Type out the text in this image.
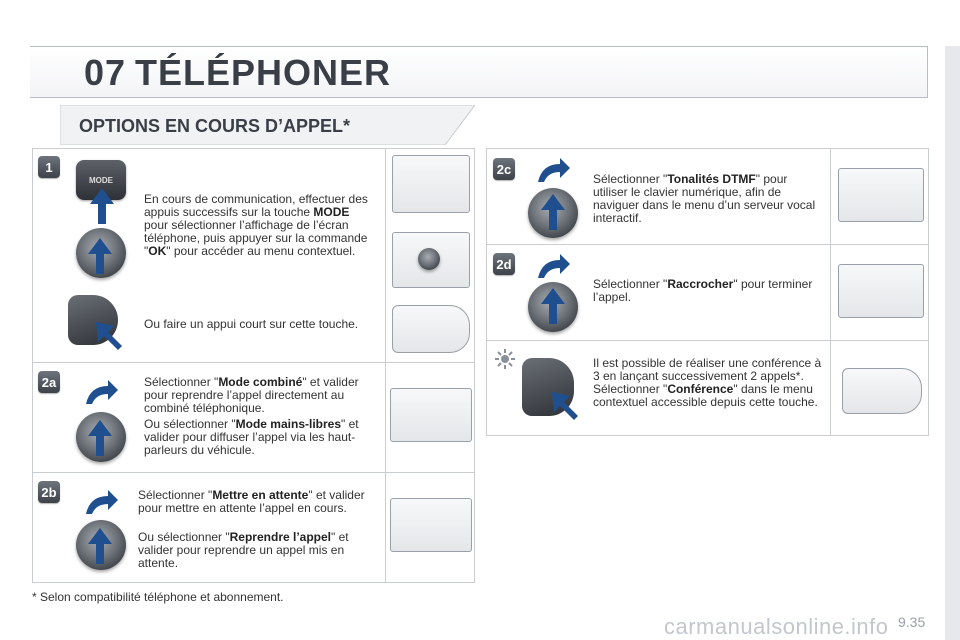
07 TÉLÉPHONER
OPTIONS EN COURS D’APPEL*
1
MODE
En cours de communication, effectuer des appuis successifs sur la touche MODE pour sélectionner l’affichage de l’écran téléphone, puis appuyer sur la commande "OK" pour accéder au menu contextuel.
Ou faire un appui court sur cette touche.
2a	Sélectionner "Mode combiné" et valider pour reprendre l’appel directement au combiné téléphonique.
Ou sélectionner "Mode mains-libres" et valider pour diffuser l’appel via les haut-parleurs du véhicule.
2b	Sélectionner "Mettre en attente" et valider pour mettre en attente l’appel en cours.
Ou sélectionner "Reprendre l’appel" et valider pour reprendre un appel mis en attente.
2c
Sélectionner "Tonalités DTMF" pour utiliser le clavier numérique, afin de naviguer dans le menu d’un serveur vocal interactif.
2d
Sélectionner "Raccrocher" pour terminer l’appel.
Il est possible de réaliser une conférence à 3 en lançant successivement 2 appels*. Sélectionner "Conférence" dans le menu contextuel accessible depuis cette touche.
* Selon compatibilité téléphone et abonnement.
carmanualsonline.info 9.35
